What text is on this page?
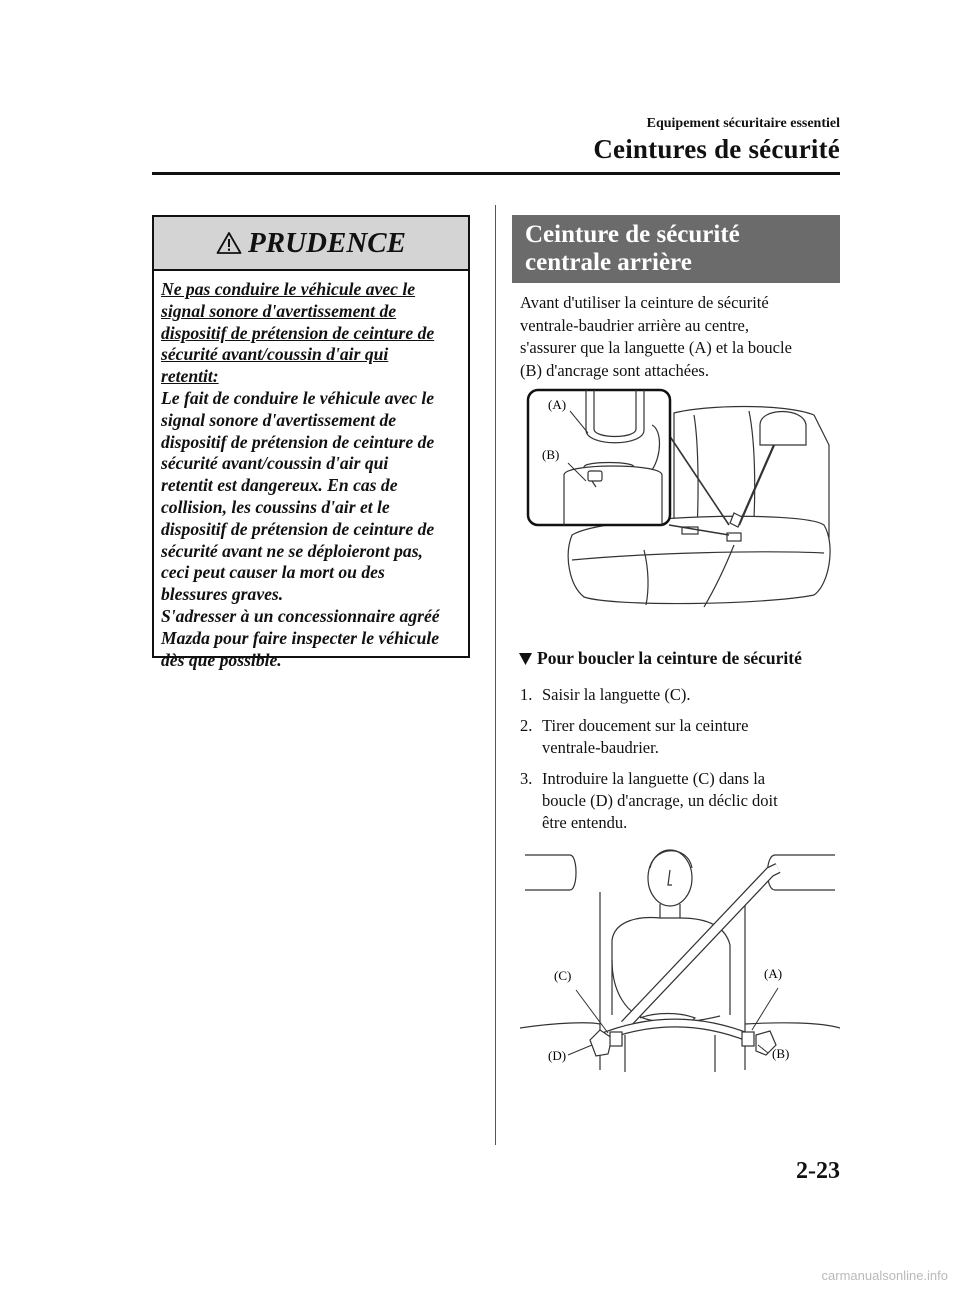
Equipement sécuritaire essentiel
Ceintures de sécurité
PRUDENCE
Ne pas conduire le véhicule avec le
signal sonore d'avertissement de
dispositif de prétension de ceinture de
sécurité avant/coussin d'air qui
retentit:
Le fait de conduire le véhicule avec le
signal sonore d'avertissement de
dispositif de prétension de ceinture de
sécurité avant/coussin d'air qui
retentit est dangereux. En cas de
collision, les coussins d'air et le
dispositif de prétension de ceinture de
sécurité avant ne se déploieront pas,
ceci peut causer la mort ou des
blessures graves.
S'adresser à un concessionnaire agréé
Mazda pour faire inspecter le véhicule
dès que possible.
Ceinture de sécurité
centrale arrière
Avant d'utiliser la ceinture de sécurité
ventrale-baudrier arrière au centre,
s'assurer que la languette (A) et la boucle
(B) d'ancrage sont attachées.
(A)
(B)
Pour boucler la ceinture de sécurité
1. Saisir la languette (C).
2. Tirer doucement sur la ceinture
ventrale-baudrier.
3. Introduire la languette (C) dans la
boucle (D) d'ancrage, un déclic doit
être entendu.
(C)	(A)
(D)	(B)
2-23
carmanualsonline.info
